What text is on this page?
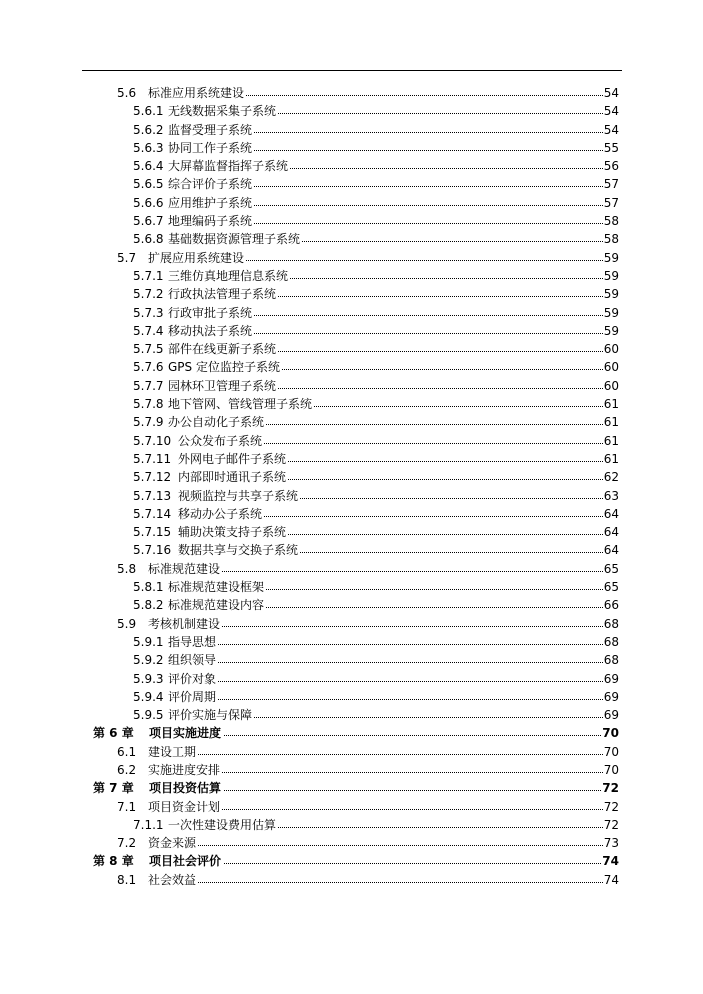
5.6 标准应用系统建设	54
5.6.1 无线数据采集子系统	54
5.6.2 监督受理子系统	54
5.6.3 协同工作子系统	55
5.6.4 大屏幕监督指挥子系统	56
5.6.5 综合评价子系统	57
5.6.6 应用维护子系统	57
5.6.7 地理编码子系统	58
5.6.8 基础数据资源管理子系统	58
5.7 扩展应用系统建设	59
5.7.1 三维仿真地理信息系统	59
5.7.2 行政执法管理子系统	59
5.7.3 行政审批子系统	59
5.7.4 移动执法子系统	59
5.7.5 部件在线更新子系统	60
5.7.6 GPS 定位监控子系统	60
5.7.7 园林环卫管理子系统	60
5.7.8 地下管网、管线管理子系统	61
5.7.9 办公自动化子系统	61
5.7.10 公众发布子系统	61
5.7.11 外网电子邮件子系统	61
5.7.12 内部即时通讯子系统	62
5.7.13 视频监控与共享子系统	63
5.7.14 移动办公子系统	64
5.7.15 辅助决策支持子系统	64
5.7.16 数据共享与交换子系统	64
5.8 标准规范建设	65
5.8.1 标准规范建设框架	65
5.8.2 标准规范建设内容	66
5.9 考核机制建设	68
5.9.1 指导思想	68
5.9.2 组织领导	68
5.9.3 评价对象	69
5.9.4 评价周期	69
5.9.5 评价实施与保障	69
第 6 章 项目实施进度	70
6.1 建设工期	70
6.2 实施进度安排	70
第 7 章 项目投资估算	72
7.1 项目资金计划	72
7.1.1 一次性建设费用估算	72
7.2 资金来源	73
第 8 章 项目社会评价	74
8.1 社会效益	74
